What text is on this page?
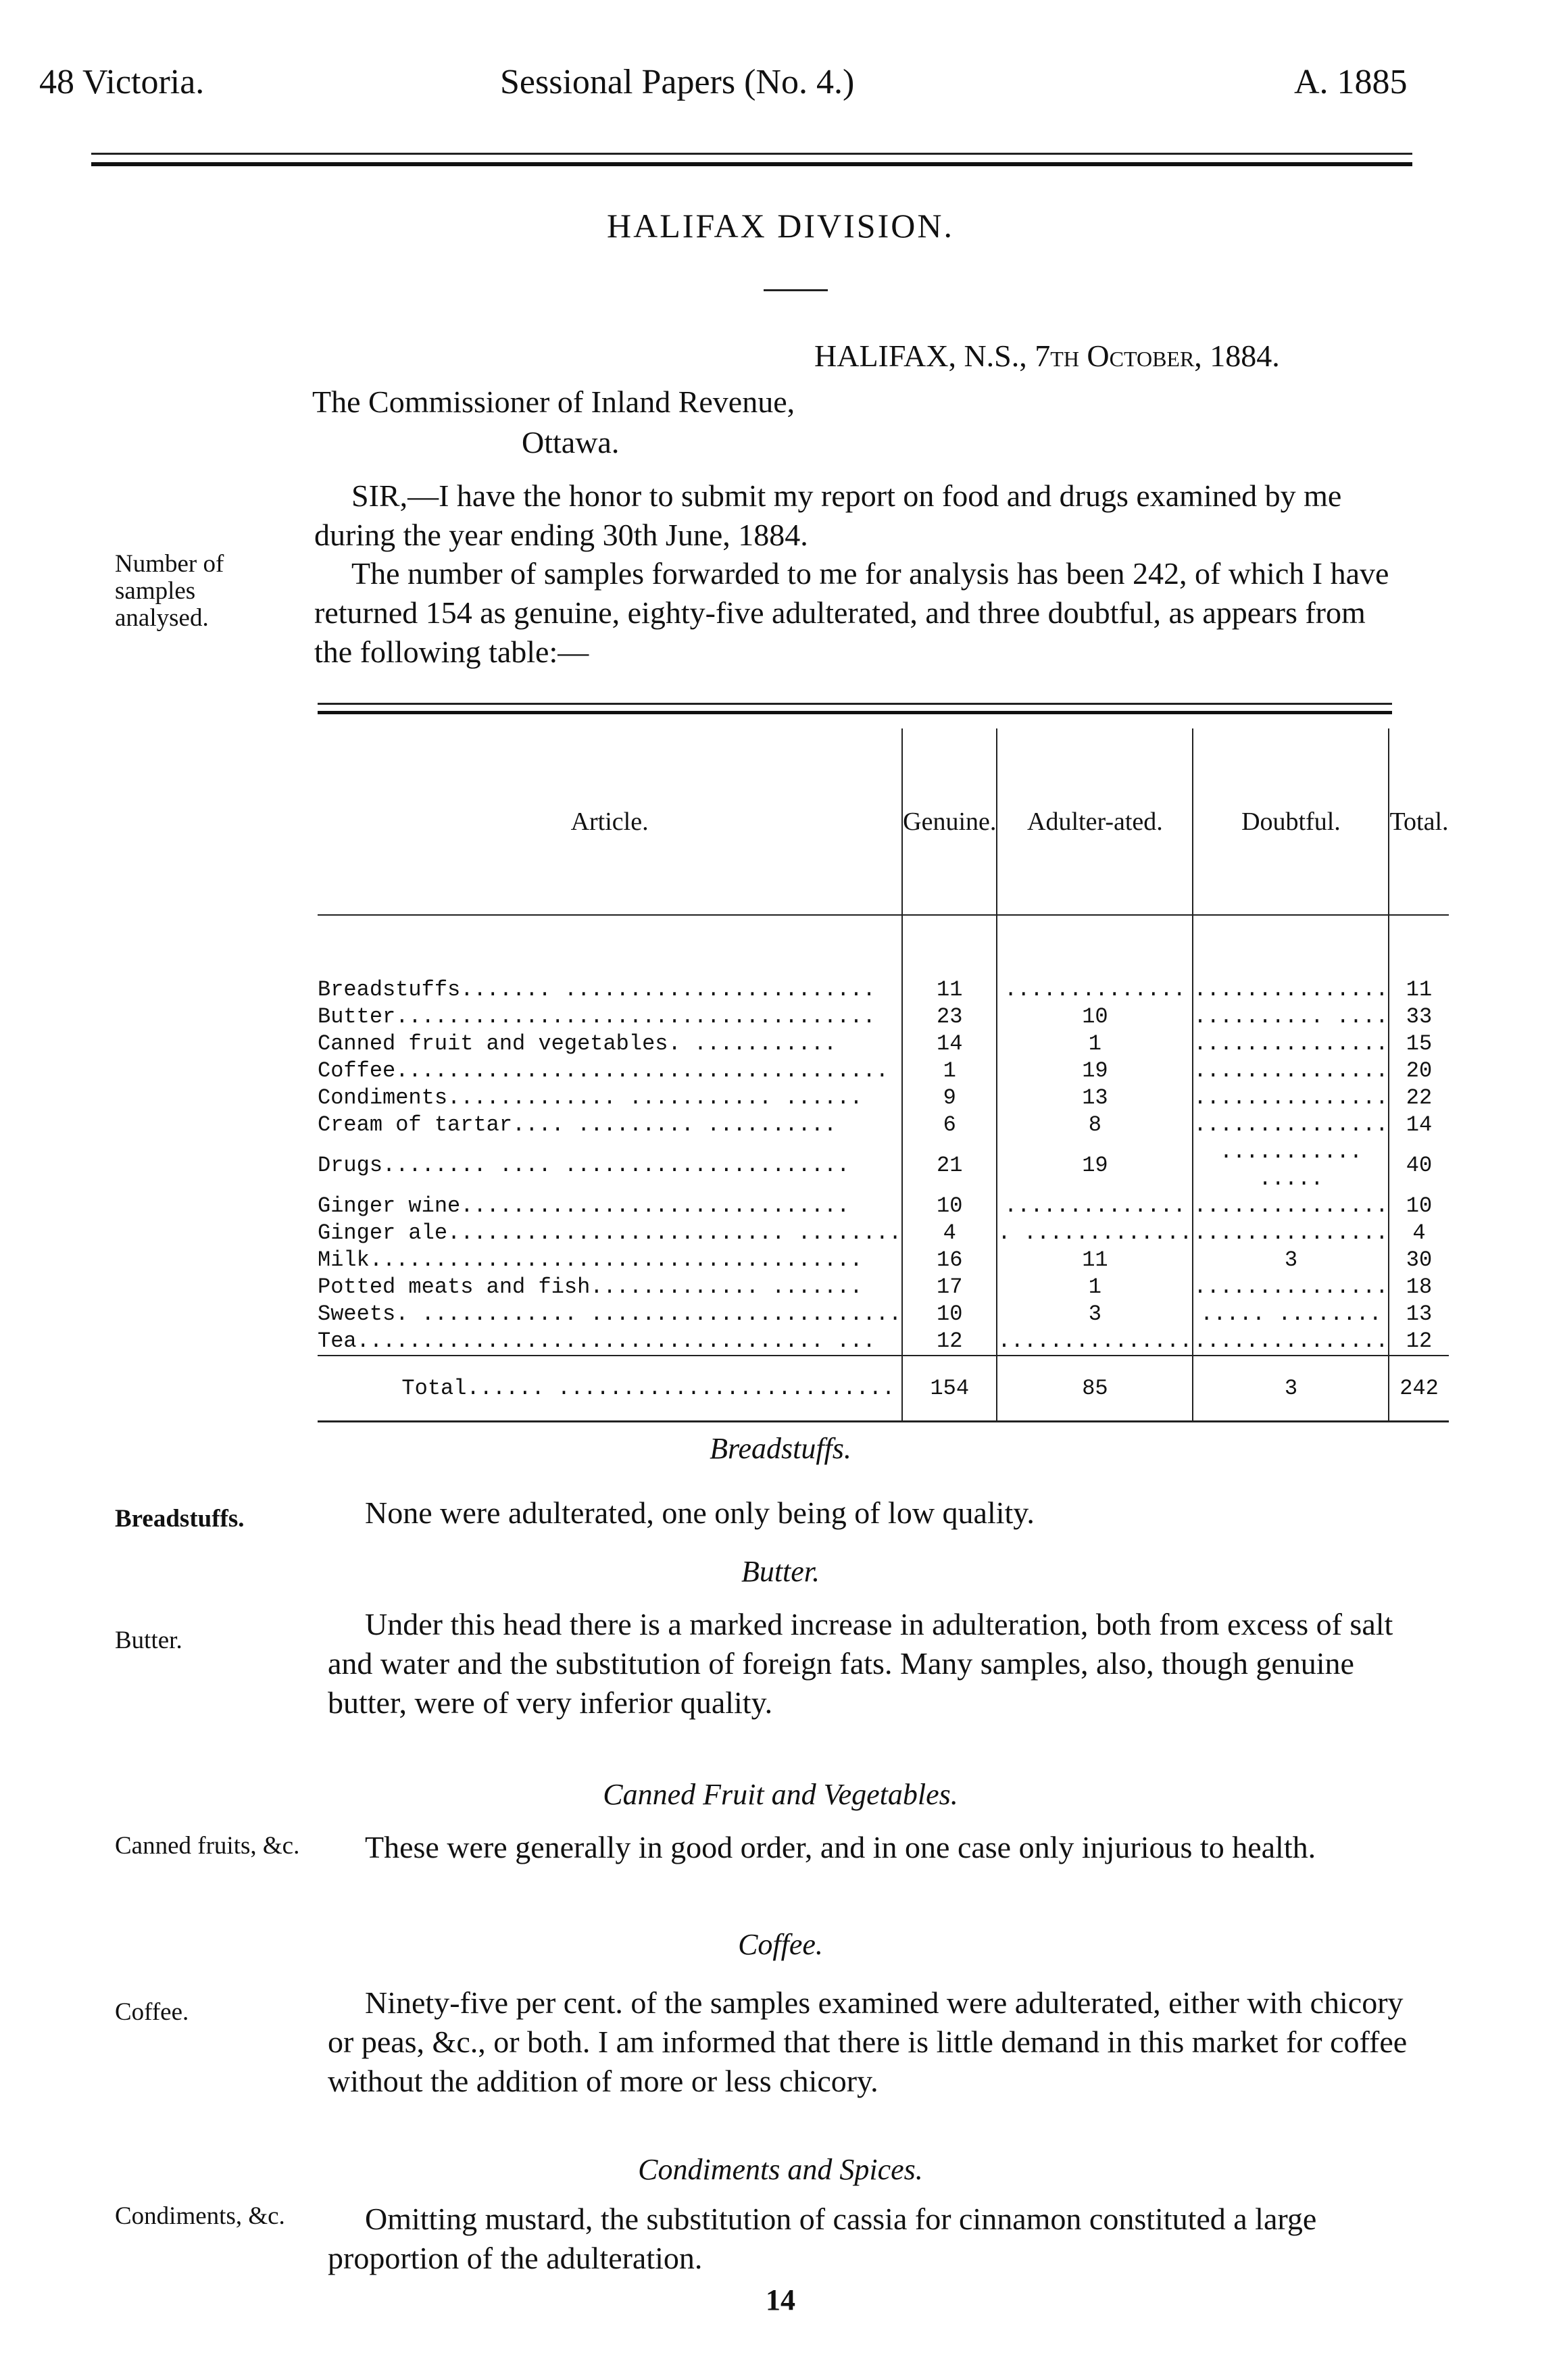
48 Victoria.	Sessional Papers (No. 4.)	A. 1885
HALIFAX DIVISION.
HALIFAX, N.S., 7th October, 1884.
The Commissioner of Inland Revenue,
Ottawa.
SIR,—I have the honor to submit my report on food and drugs examined by me during the year ending 30th June, 1884.
The number of samples forwarded to me for analysis has been 242, of which I have returned 154 as genuine, eighty-five adulterated, and three doubtful, as appears from the following table:—
Number of samples analysed.
Article.	Genuine.	Adulter-ated.	Doubtful.	Total.

Breadstuffs....... ........................	11	..............	...............	11
Butter.....................................	23	10	.......... ....	33
Canned fruit and vegetables. ...........	14	1	...............	15
Coffee......................................	1	19	...............	20
Condiments............. ........... ......	9	13	...............	22
Cream of tartar.... ......... ..........	6	8	...............	14
Drugs........ .... ......................	21	19	........... .....	40
Ginger wine..............................	10	..............	...............	10
Ginger ale.......................... ........	4	. .............	...............	4
Milk......................................	16	11	3	30
Potted meats and fish............. .......	17	1	...............	18
Sweets. ............ ........................	10	3	..... ........	13
Tea.................................... ...	12	...............	...............	12
Total...... ..........................	154	85	3	242
Breadstuffs.
Breadstuffs.	None were adulterated, one only being of low quality.
Butter.
Butter.	Under this head there is a marked increase in adulteration, both from excess of salt and water and the substitution of foreign fats. Many samples, also, though genuine butter, were of very inferior quality.
Canned Fruit and Vegetables.
Canned fruits, &c.	These were generally in good order, and in one case only injurious to health.
Coffee.
Coffee.	Ninety-five per cent. of the samples examined were adulterated, either with chicory or peas, &c., or both. I am informed that there is little demand in this market for coffee without the addition of more or less chicory.
Condiments and Spices.
Condiments, &c.	Omitting mustard, the substitution of cassia for cinnamon constituted a large proportion of the adulteration.
14
